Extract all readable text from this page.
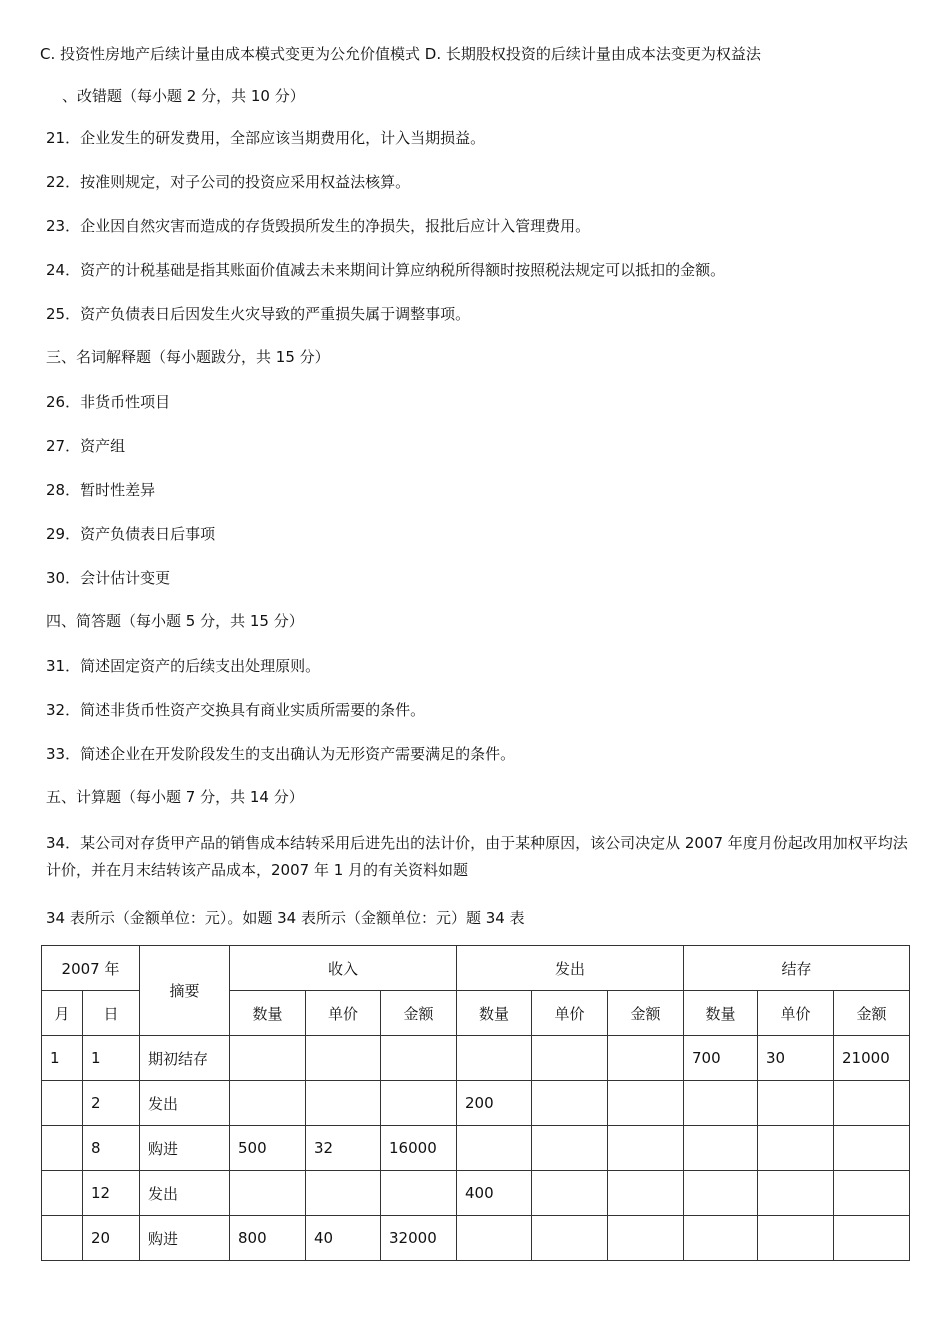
C. 投资性房地产后续计量由成本模式变更为公允价值模式 D. 长期股权投资的后续计量由成本法变更为权益法
、改错题（每小题 2 分，共 10 分）
21．企业发生的研发费用，全部应该当期费用化，计入当期损益。
22．按准则规定，对子公司的投资应采用权益法核算。
23．企业因自然灾害而造成的存货毁损所发生的净损失，报批后应计入管理费用。
24．资产的计税基础是指其账面价值减去未来期间计算应纳税所得额时按照税法规定可以抵扣的金额。
25．资产负债表日后因发生火灾导致的严重损失属于调整事项。
三、名词解释题（每小题跋分，共 15 分）
26．非货币性项目
27．资产组
28．暂时性差异
29．资产负债表日后事项
30．会计估计变更
四、简答题（每小题 5 分，共 15 分）
31．简述固定资产的后续支出处理原则。
32．简述非货币性资产交换具有商业实质所需要的条件。
33．简述企业在开发阶段发生的支出确认为无形资产需要满足的条件。
五、计算题（每小题 7 分，共 14 分）
34．某公司对存货甲产品的销售成本结转采用后进先出的法计价，由于某种原因，该公司决定从 2007 年度月份起改用加权平均法计价，并在月末结转该产品成本，2007 年 1 月的有关资料如题
34 表所示（金额单位：元）。如题 34 表所示（金额单位：元）题 34 表
2007 年		摘要	收入			发出			结存		
月	日		数量	单价	金额	数量	单价	金额	数量	单价	金额
1	1	期初结存							700	30	21000
	2	发出				200					
	8	购进	500	32	16000						
	12	发出				400					
	20	购进	800	40	32000						
